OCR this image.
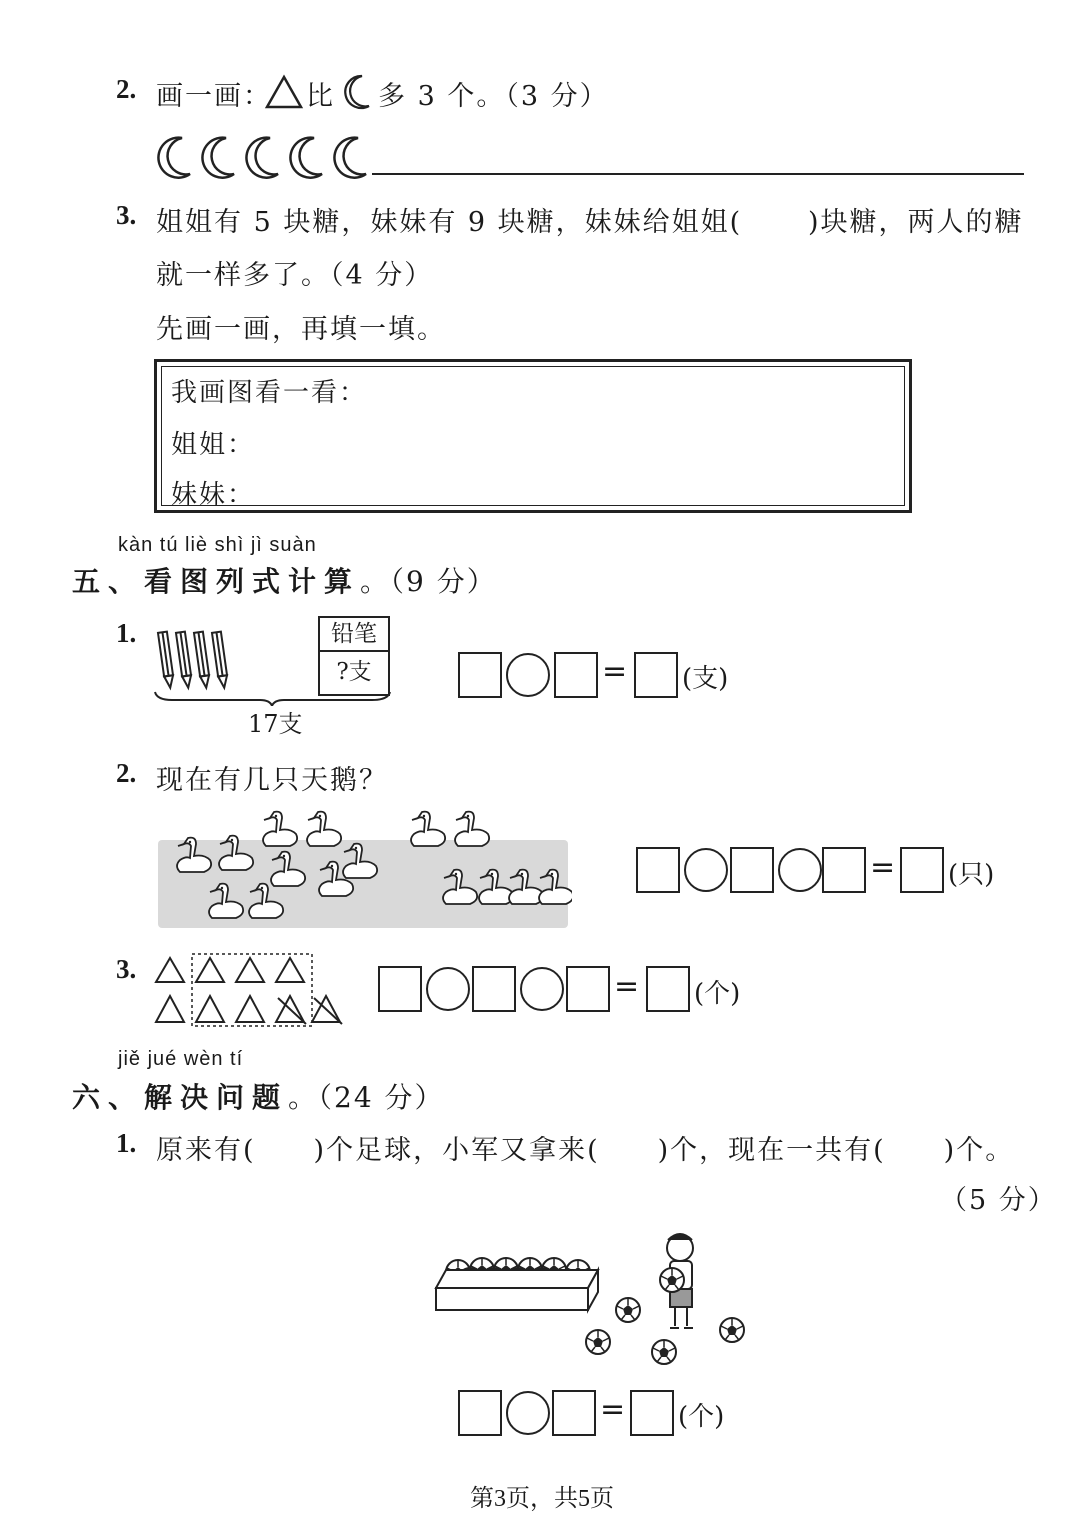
2. 画一画： 比 多 3 个。（3 分）
3. 姐姐有 5 块糖，妹妹有 9 块糖，妹妹给姐姐( )块糖，两人的糖
就一样多了。（4 分）
先画一画，再填一填。
我画图看一看：
姐姐：
妹妹：
kàn tú liè shì jì suàn
五、看图列式计算。（9 分）
1.	铅笔
?支
17支
= (支)
2. 现在有几只天鹅？
= (只)
3.	= (个)
jiě jué wèn tí
六、解决问题。（24 分）
1. 原来有(　　)个足球，小军又拿来(　　)个，现在一共有(　　)个。
（5 分）
= (个)
第3页，共5页
